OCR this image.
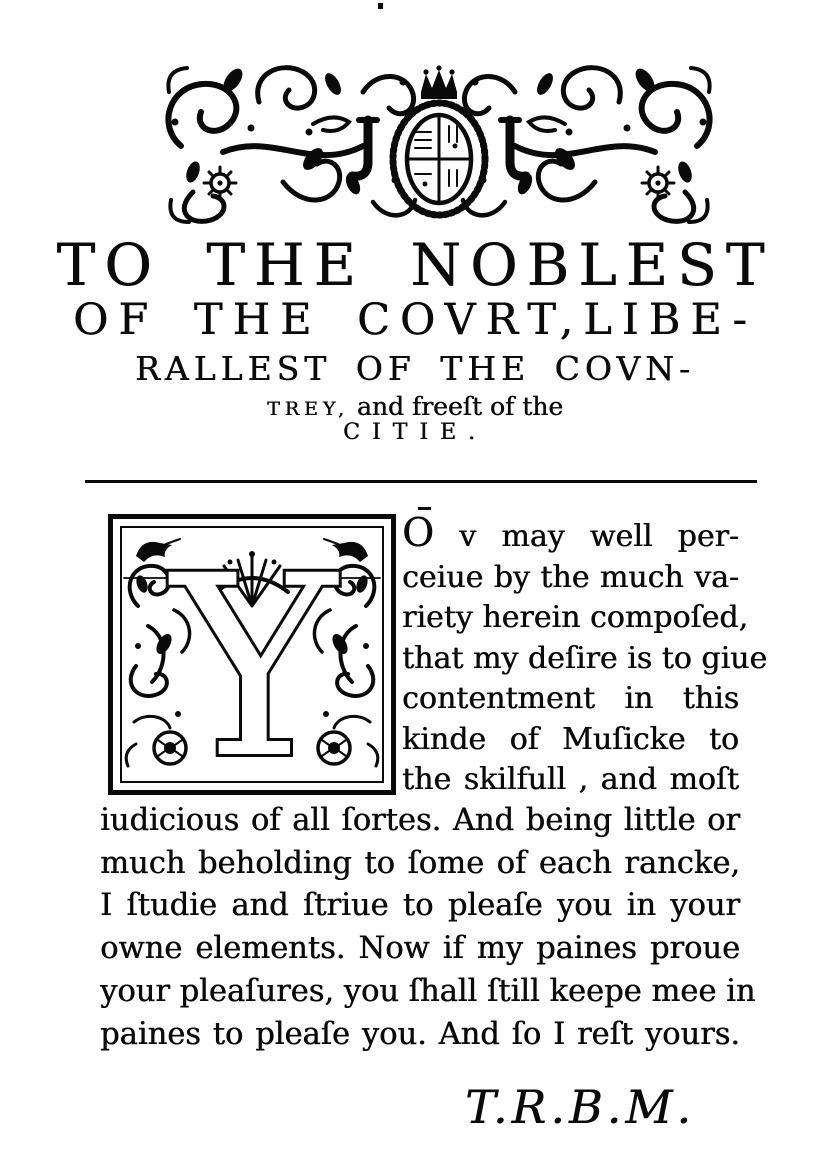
TO THE NOBLEST
OF THE COVRT,LIBE-
RALLEST OF THE COVN-
TREY, and freeſt of the
CITIE.
Y O v may well per-
ceiue by the much va-
riety herein compoſed,
that my deſire is to giue
contentment in this
kinde of Muſicke to
the skilfull , and moſt
iudicious of all ſortes. And being little or
much beholding to ſome of each rancke,
I ſtudie and ſtriue to pleaſe you in your
owne elements. Now if my paines proue
your pleaſures, you ſhall ſtill keepe mee in
paines to pleaſe you. And ſo I reſt yours.
T.R.B.M.
